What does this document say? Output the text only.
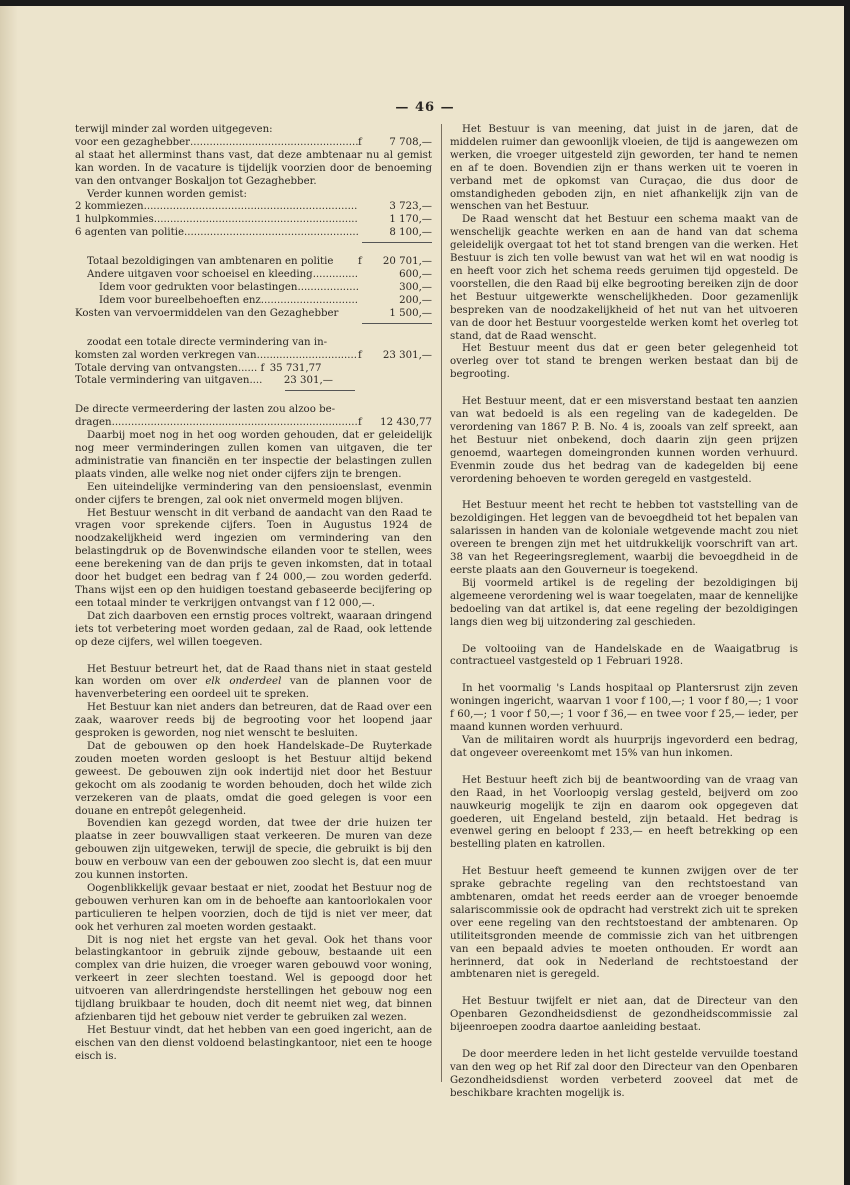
— 46 —

terwijl minder zal worden uitgegeven:

voor een gezaghebber .....	f	7 708,—

al staat het allerminst thans vast, dat deze ambtenaar nu al gemist kan worden. In de vacature is tijdelijk voorzien door de benoeming van den ontvanger Boskaljon tot Gezaghebber.

Verder kunnen worden gemist:

2 kommiezen .....	3 723,—
1 hulpkommies .....	1 170,—
6 agenten van politie .....	8 100,—
Totaal bezoldigingen van ambtenaren en politie f 20 701,—
Andere uitgaven voor schoeisel en kleeding .....	600,—
Idem voor gedrukten voor belastingen .....	300,—
Idem voor bureelbehoeften enz .....	200,—
Kosten van vervoermiddelen van den Gezaghebber	1 500,—

zoodat een totale directe vermindering van in-

komsten zal worden verkregen van .....	f 23 301,—
Totale derving van ontvangsten...... f 35 731,77
Totale vermindering van uitgaven.... 23 301,—

De directe vermeerdering der lasten zou alzoo be-

dragen .....	f 12 430,77

Daarbij moet nog in het oog worden gehouden, dat er geleidelijk nog meer verminderingen zullen komen van uitgaven, die ter administratie van financiën en ter inspectie der belastingen zullen plaats vinden, alle welke nog niet onder cijfers zijn te brengen.

Een uiteindelijke vermindering van den pensioenslast, evenmin onder cijfers te brengen, zal ook niet onvermeld mogen blijven.

Het Bestuur wenscht in dit verband de aandacht van den Raad te vragen voor sprekende cijfers. Toen in Augustus 1924 de noodzakelijkheid werd ingezien om vermindering van den belastingdruk op de Bovenwindsche eilanden voor te stellen, wees eene berekening van de dan prijs te geven inkomsten, dat in totaal door het budget een bedrag van f 24 000,— zou worden gederfd. Thans wijst een op den huidigen toestand gebaseerde becijfering op een totaal minder te verkrijgen ontvangst van f 12 000,—.

Dat zich daarboven een ernstig proces voltrekt, waaraan dringend iets tot verbetering moet worden gedaan, zal de Raad, ook lettende op deze cijfers, wel willen toegeven.

Het Bestuur betreurt het, dat de Raad thans niet in staat gesteld kan worden om over elk onderdeel van de plannen voor de havenverbetering een oordeel uit te spreken.

Het Bestuur kan niet anders dan betreuren, dat de Raad over een zaak, waarover reeds bij de begrooting voor het loopend jaar gesproken is geworden, nog niet wenscht te besluiten.

Dat de gebouwen op den hoek Handelskade–De Ruyterkade zouden moeten worden gesloopt is het Bestuur altijd bekend geweest. De gebouwen zijn ook indertijd niet door het Bestuur gekocht om als zoodanig te worden behouden, doch het wilde zich verzekeren van de plaats, omdat die goed gelegen is voor een douane en entrepôt gelegenheid.

Bovendien kan gezegd worden, dat twee der drie huizen ter plaatse in zeer bouwvalligen staat verkeeren. De muren van deze gebouwen zijn uitgeweken, terwijl de specie, die gebruikt is bij den bouw en verbouw van een der gebouwen zoo slecht is, dat een muur zou kunnen instorten.

Oogenblikkelijk gevaar bestaat er niet, zoodat het Bestuur nog de gebouwen verhuren kan om in de behoefte aan kantoorlokalen voor particulieren te helpen voorzien, doch de tijd is niet ver meer, dat ook het verhuren zal moeten worden gestaakt.

Dit is nog niet het ergste van het geval. Ook het thans voor belastingkantoor in gebruik zijnde gebouw, bestaande uit een complex van drie huizen, die vroeger waren gebouwd voor woning, verkeert in zeer slechten toestand. Wel is gepoogd door het uitvoeren van allerdringendste herstellingen het gebouw nog een tijdlang bruikbaar te houden, doch dit neemt niet weg, dat binnen afzienbaren tijd het gebouw niet verder te gebruiken zal wezen.

Het Bestuur vindt, dat het hebben van een goed ingericht, aan de eischen van den dienst voldoend belastingkantoor, niet een te hooge eisch is.

Het Bestuur is van meening, dat juist in de jaren, dat de middelen ruimer dan gewoonlijk vloeien, de tijd is aangewezen om werken, die vroeger uitgesteld zijn geworden, ter hand te nemen en af te doen. Bovendien zijn er thans werken uit te voeren in verband met de opkomst van Curaçao, die dus door de omstandigheden geboden zijn, en niet afhankelijk zijn van de wenschen van het Bestuur.

De Raad wenscht dat het Bestuur een schema maakt van de wenschelijk geachte werken en aan de hand van dat schema geleidelijk overgaat tot het tot stand brengen van die werken. Het Bestuur is zich ten volle bewust van wat het wil en wat noodig is en heeft voor zich het schema reeds geruimen tijd opgesteld. De voorstellen, die den Raad bij elke begrooting bereiken zijn de door het Bestuur uitgewerkte wenschelijkheden. Door gezamenlijk bespreken van de noodzakelijkheid of het nut van het uitvoeren van de door het Bestuur voorgestelde werken komt het overleg tot stand, dat de Raad wenscht.

Het Bestuur meent dus dat er geen beter gelegenheid tot overleg over tot stand te brengen werken bestaat dan bij de begrooting.

Het Bestuur meent, dat er een misverstand bestaat ten aanzien van wat bedoeld is als een regeling van de kadegelden. De verordening van 1867 P. B. No. 4 is, zooals van zelf spreekt, aan het Bestuur niet onbekend, doch daarin zijn geen prijzen genoemd, waartegen domeingronden kunnen worden verhuurd. Evenmin zoude dus het bedrag van de kadegelden bij eene verordening behoeven te worden geregeld en vastgesteld.

Het Bestuur meent het recht te hebben tot vaststelling van de bezoldigingen. Het leggen van de bevoegdheid tot het bepalen van salarissen in handen van de koloniale wetgevende macht zou niet overeen te brengen zijn met het uitdrukkelijk voorschrift van art. 38 van het Regeeringsreglement, waarbij die bevoegdheid in de eerste plaats aan den Gouverneur is toegekend.

Bij voormeld artikel is de regeling der bezoldigingen bij algemeene verordening wel is waar toegelaten, maar de kennelijke bedoeling van dat artikel is, dat eene regeling der bezoldigingen langs dien weg bij uitzondering zal geschieden.

De voltooiing van de Handelskade en de Waaigatbrug is contractueel vastgesteld op 1 Februari 1928.

In het voormalig 's Lands hospitaal op Plantersrust zijn zeven woningen ingericht, waarvan 1 voor f 100,—; 1 voor f 80,—; 1 voor f 60,—; 1 voor f 50,—; 1 voor f 36,— en twee voor f 25,— ieder, per maand kunnen worden verhuurd.

Van de militairen wordt als huurprijs ingevorderd een bedrag, dat ongeveer overeenkomt met 15% van hun inkomen.

Het Bestuur heeft zich bij de beantwoording van de vraag van den Raad, in het Voorloopig verslag gesteld, beijverd om zoo nauwkeurig mogelijk te zijn en daarom ook opgegeven dat goederen, uit Engeland besteld, zijn betaald. Het bedrag is evenwel gering en beloopt f 233,— en heeft betrekking op een bestelling platen en katrollen.

Het Bestuur heeft gemeend te kunnen zwijgen over de ter sprake gebrachte regeling van den rechtstoestand van ambtenaren, omdat het reeds eerder aan de vroeger benoemde salariscommissie ook de opdracht had verstrekt zich uit te spreken over eene regeling van den rechtstoestand der ambtenaren. Op utiliteitsgronden meende de commissie zich van het uitbrengen van een bepaald advies te moeten onthouden. Er wordt aan herinnerd, dat ook in Nederland de rechtstoestand der ambtenaren niet is geregeld.

Het Bestuur twijfelt er niet aan, dat de Directeur van den Openbaren Gezondheidsdienst de gezondheidscommissie zal bijeenroepen zoodra daartoe aanleiding bestaat.

De door meerdere leden in het licht gestelde vervuilde toestand van den weg op het Rif zal door den Directeur van den Openbaren Gezondheidsdienst worden verbeterd zooveel dat met de beschikbare krachten mogelijk is.
